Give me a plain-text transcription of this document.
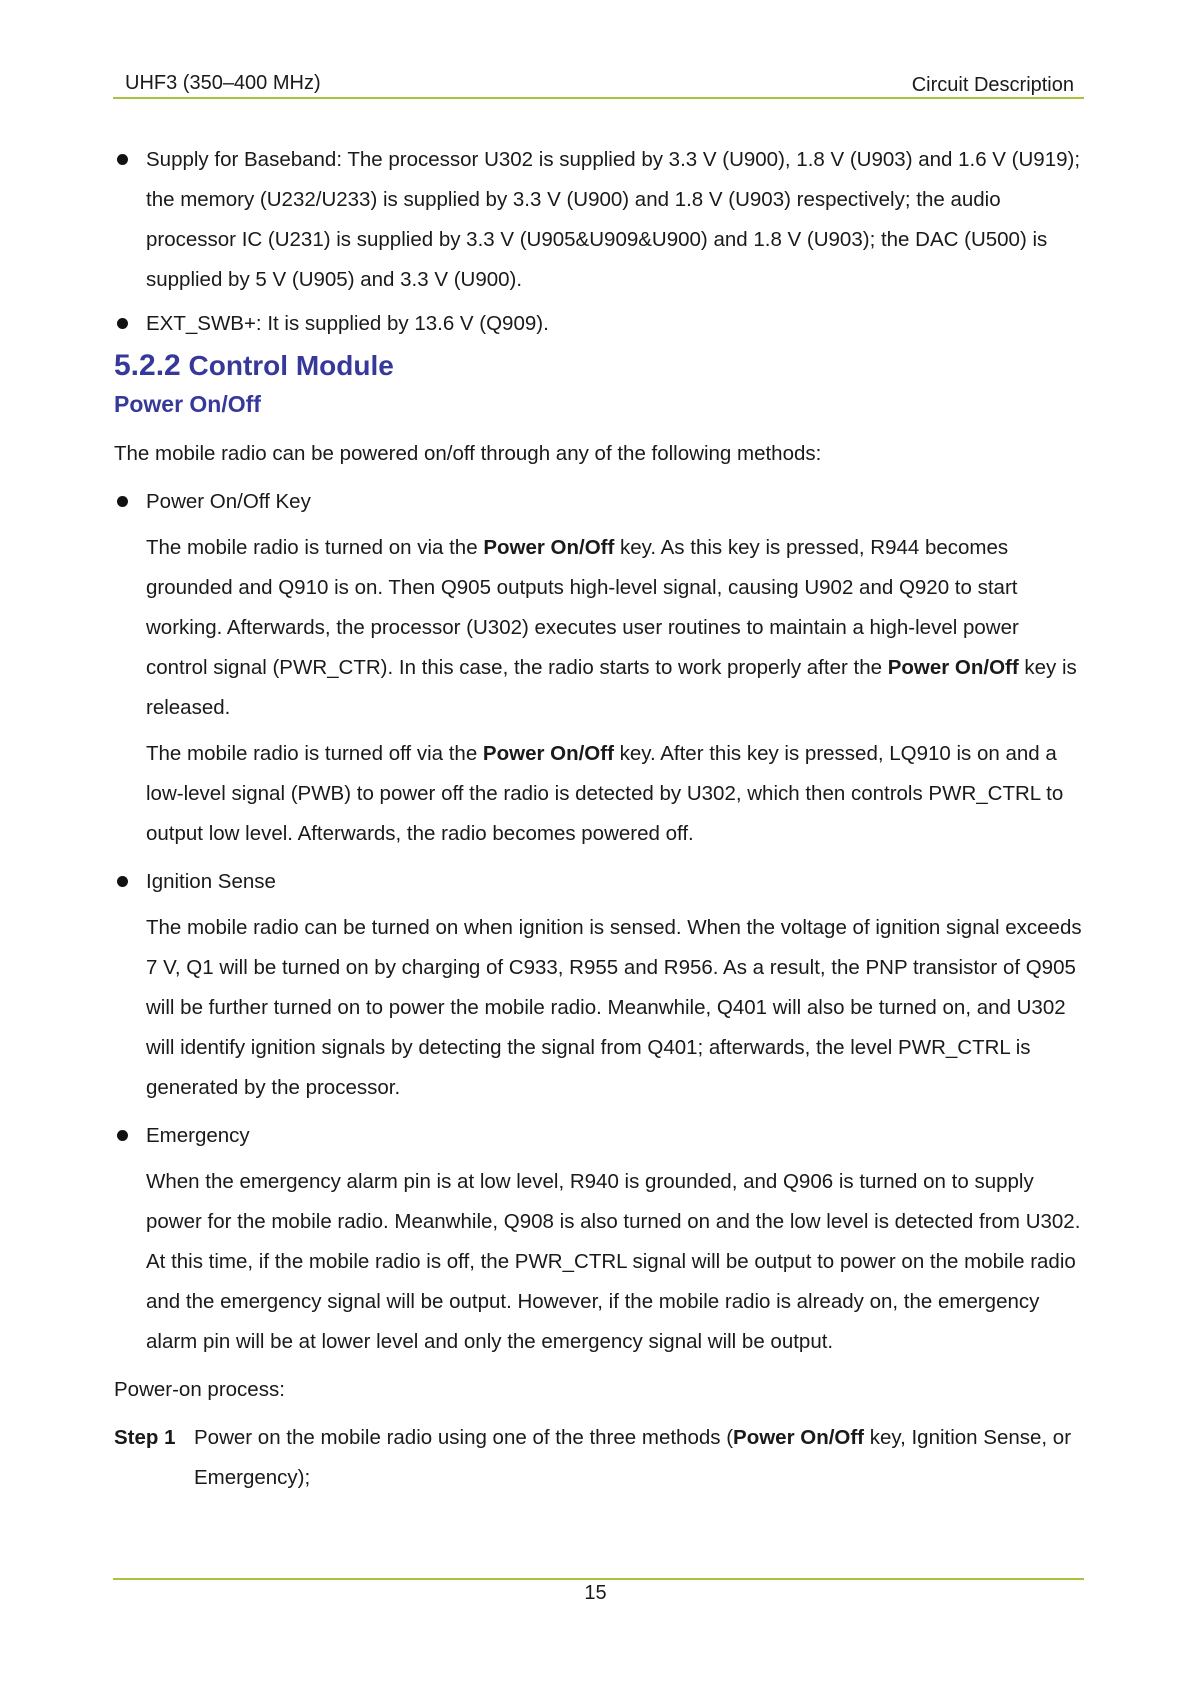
UHF3 (350–400 MHz)	Circuit Description
Supply for Baseband: The processor U302 is supplied by 3.3 V (U900), 1.8 V (U903) and 1.6 V (U919); the memory (U232/U233) is supplied by 3.3 V (U900) and 1.8 V (U903) respectively; the audio processor IC (U231) is supplied by 3.3 V (U905&U909&U900) and 1.8 V (U903); the DAC (U500) is supplied by 5 V (U905) and 3.3 V (U900).
EXT_SWB+: It is supplied by 13.6 V (Q909).
5.2.2 Control Module
Power On/Off
The mobile radio can be powered on/off through any of the following methods:
Power On/Off Key
The mobile radio is turned on via the Power On/Off key. As this key is pressed, R944 becomes grounded and Q910 is on. Then Q905 outputs high-level signal, causing U902 and Q920 to start working. Afterwards, the processor (U302) executes user routines to maintain a high-level power control signal (PWR_CTR). In this case, the radio starts to work properly after the Power On/Off key is released.
The mobile radio is turned off via the Power On/Off key. After this key is pressed, LQ910 is on and a low-level signal (PWB) to power off the radio is detected by U302, which then controls PWR_CTRL to output low level. Afterwards, the radio becomes powered off.
Ignition Sense
The mobile radio can be turned on when ignition is sensed. When the voltage of ignition signal exceeds 7 V, Q1 will be turned on by charging of C933, R955 and R956. As a result, the PNP transistor of Q905 will be further turned on to power the mobile radio. Meanwhile, Q401 will also be turned on, and U302 will identify ignition signals by detecting the signal from Q401; afterwards, the level PWR_CTRL is generated by the processor.
Emergency
When the emergency alarm pin is at low level, R940 is grounded, and Q906 is turned on to supply power for the mobile radio. Meanwhile, Q908 is also turned on and the low level is detected from U302. At this time, if the mobile radio is off, the PWR_CTRL signal will be output to power on the mobile radio and the emergency signal will be output. However, if the mobile radio is already on, the emergency alarm pin will be at lower level and only the emergency signal will be output.
Power-on process:
Step 1 Power on the mobile radio using one of the three methods (Power On/Off key, Ignition Sense, or Emergency);
15
